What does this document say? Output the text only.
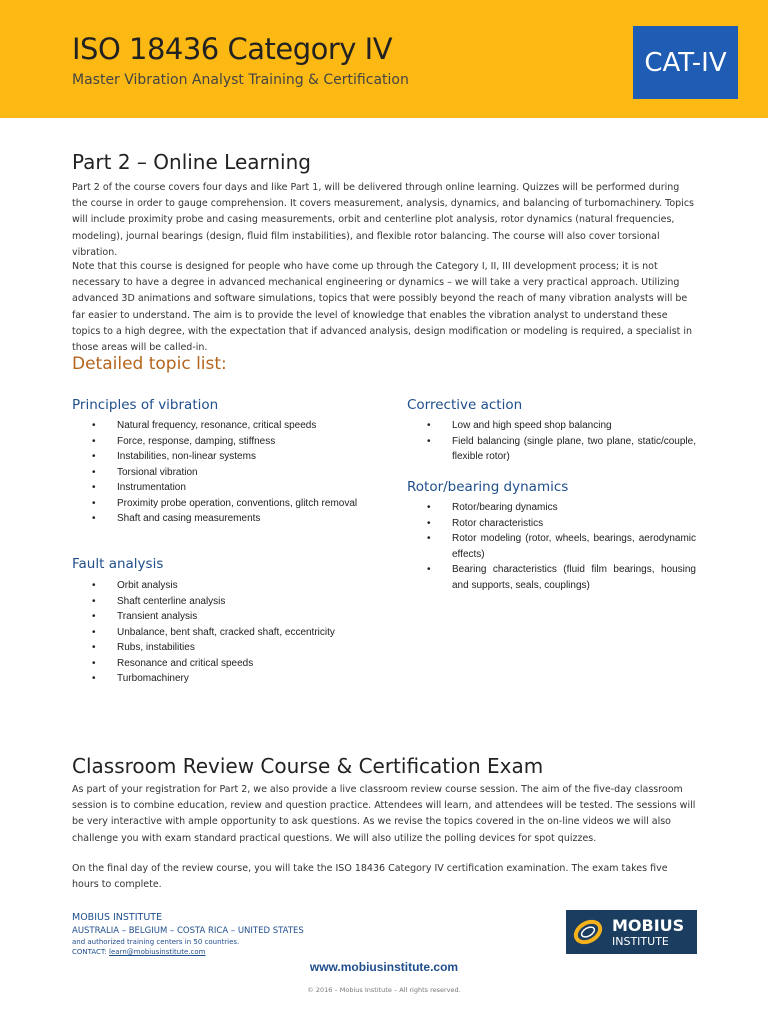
ISO 18436 Category IV
Master Vibration Analyst Training & Certification
CAT-IV
Part 2 – Online Learning

Part 2 of the course covers four days and like Part 1, will be delivered through online learning. Quizzes will be performed during the course in order to gauge comprehension. It covers measurement, analysis, dynamics, and balancing of turbomachinery. Topics will include proximity probe and casing measurements, orbit and centerline plot analysis, rotor dynamics (natural frequencies, modeling), journal bearings (design, fluid film instabilities), and flexible rotor balancing. The course will also cover torsional vibration.

Note that this course is designed for people who have come up through the Category I, II, III development process; it is not necessary to have a degree in advanced mechanical engineering or dynamics – we will take a very practical approach. Utilizing advanced 3D animations and software simulations, topics that were possibly beyond the reach of many vibration analysts will be far easier to understand. The aim is to provide the level of knowledge that enables the vibration analyst to understand these topics to a high degree, with the expectation that if advanced analysis, design modification or modeling is required, a specialist in those areas will be called-in.

Detailed topic list:
Principles of vibration
• Natural frequency, resonance, critical speeds
• Force, response, damping, stiffness
• Instabilities, non-linear systems
• Torsional vibration
• Instrumentation
• Proximity probe operation, conventions, glitch removal
• Shaft and casing measurements
Fault analysis
• Orbit analysis
• Shaft centerline analysis
• Transient analysis
• Unbalance, bent shaft, cracked shaft, eccentricity
• Rubs, instabilities
• Resonance and critical speeds
• Turbomachinery
Corrective action
• Low and high speed shop balancing
• Field balancing (single plane, two plane, static/couple, flexible rotor)
Rotor/bearing dynamics
• Rotor/bearing dynamics
• Rotor characteristics
• Rotor modeling (rotor, wheels, bearings, aerodynamic effects)
• Bearing characteristics (fluid film bearings, housing and supports, seals, couplings)
Classroom Review Course & Certification Exam

As part of your registration for Part 2, we also provide a live classroom review course session. The aim of the five-day classroom session is to combine education, review and question practice. Attendees will learn, and attendees will be tested. The sessions will be very interactive with ample opportunity to ask questions. As we revise the topics covered in the on-line videos we will also challenge you with exam standard practical questions. We will also utilize the polling devices for spot quizzes.

On the final day of the review course, you will take the ISO 18436 Category IV certification examination. The exam takes five hours to complete.

MOBIUS INSTITUTE
AUSTRALIA – BELGIUM – COSTA RICA – UNITED STATES
and authorized training centers in 50 countries.
CONTACT: learn@mobiusinstitute.com
MOBIUS
INSTITUTE
www.mobiusinstitute.com
© 2016 – Mobius Institute – All rights reserved.
